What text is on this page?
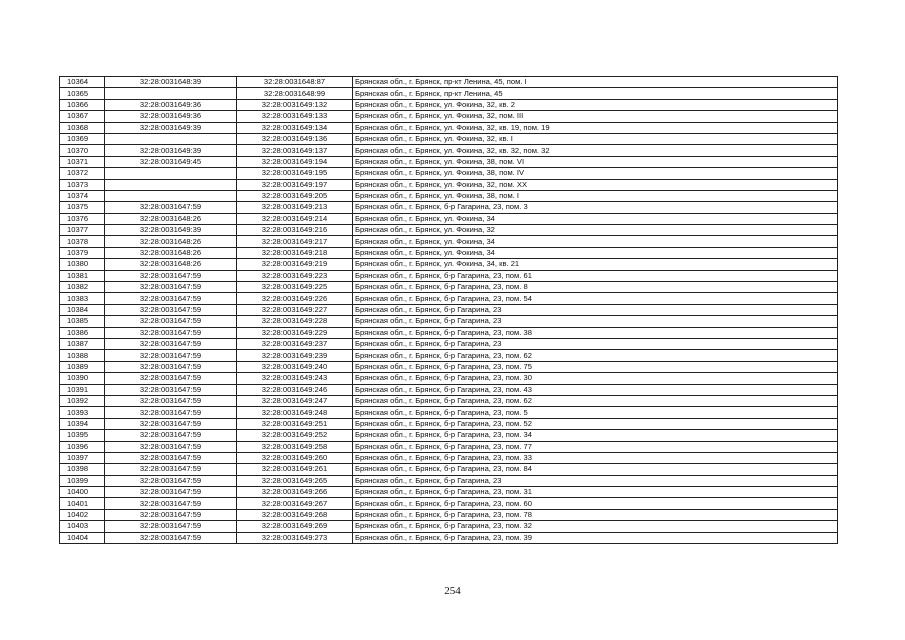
10364	32:28:0031648:39	32:28:0031648:87	Брянская обл., г. Брянск, пр-кт Ленина, 45, пом. I
10365		32:28:0031648:99	Брянская обл., г. Брянск, пр-кт Ленина, 45
10366	32:28:0031649:36	32:28:0031649:132	Брянская обл., г. Брянск, ул. Фокина, 32, кв. 2
10367	32:28:0031649:36	32:28:0031649:133	Брянская обл., г. Брянск, ул. Фокина, 32, пом. III
10368	32:28:0031649:39	32:28:0031649:134	Брянская обл., г. Брянск, ул. Фокина, 32, кв. 19, пом. 19
10369		32:28:0031649:136	Брянская обл., г. Брянск, ул. Фокина, 32, кв. I
10370	32:28:0031649:39	32:28:0031649:137	Брянская обл., г. Брянск, ул. Фокина, 32, кв. 32, пом. 32
10371	32:28:0031649:45	32:28:0031649:194	Брянская обл., г. Брянск, ул. Фокина, 38, пом. VI
10372		32:28:0031649:195	Брянская обл., г. Брянск, ул. Фокина, 38, пом. IV
10373		32:28:0031649:197	Брянская обл., г. Брянск, ул. Фокина, 32, пом. XX
10374		32:28:0031649:205	Брянская обл., г. Брянск, ул. Фокина, 38, пом. I
10375	32:28:0031647:59	32:28:0031649:213	Брянская обл., г. Брянск, б-р Гагарина, 23, пом. 3
10376	32:28:0031648:26	32:28:0031649:214	Брянская обл., г. Брянск, ул. Фокина, 34
10377	32:28:0031649:39	32:28:0031649:216	Брянская обл., г. Брянск, ул. Фокина, 32
10378	32:28:0031648:26	32:28:0031649:217	Брянская обл., г. Брянск, ул. Фокина, 34
10379	32:28:0031648:26	32:28:0031649:218	Брянская обл., г. Брянск, ул. Фокина, 34
10380	32:28:0031648:26	32:28:0031649:219	Брянская обл., г. Брянск, ул. Фокина, 34, кв. 21
10381	32:28:0031647:59	32:28:0031649:223	Брянская обл., г. Брянск, б-р Гагарина, 23, пом. 61
10382	32:28:0031647:59	32:28:0031649:225	Брянская обл., г. Брянск, б-р Гагарина, 23, пом. 8
10383	32:28:0031647:59	32:28:0031649:226	Брянская обл., г. Брянск, б-р Гагарина, 23, пом. 54
10384	32:28:0031647:59	32:28:0031649:227	Брянская обл., г. Брянск, б-р Гагарина, 23
10385	32:28:0031647:59	32:28:0031649:228	Брянская обл., г. Брянск, б-р Гагарина, 23
10386	32:28:0031647:59	32:28:0031649:229	Брянская обл., г. Брянск, б-р Гагарина, 23, пом. 38
10387	32:28:0031647:59	32:28:0031649:237	Брянская обл., г. Брянск, б-р Гагарина, 23
10388	32:28:0031647:59	32:28:0031649:239	Брянская обл., г. Брянск, б-р Гагарина, 23, пом. 62
10389	32:28:0031647:59	32:28:0031649:240	Брянская обл., г. Брянск, б-р Гагарина, 23, пом. 75
10390	32:28:0031647:59	32:28:0031649:243	Брянская обл., г. Брянск, б-р Гагарина, 23, пом. 30
10391	32:28:0031647:59	32:28:0031649:246	Брянская обл., г. Брянск, б-р Гагарина, 23, пом. 43
10392	32:28:0031647:59	32:28:0031649:247	Брянская обл., г. Брянск, б-р Гагарина, 23, пом. 62
10393	32:28:0031647:59	32:28:0031649:248	Брянская обл., г. Брянск, б-р Гагарина, 23, пом. 5
10394	32:28:0031647:59	32:28:0031649:251	Брянская обл., г. Брянск, б-р Гагарина, 23, пом. 52
10395	32:28:0031647:59	32:28:0031649:252	Брянская обл., г. Брянск, б-р Гагарина, 23, пом. 34
10396	32:28:0031647:59	32:28:0031649:258	Брянская обл., г. Брянск, б-р Гагарина, 23, пом. 77
10397	32:28:0031647:59	32:28:0031649:260	Брянская обл., г. Брянск, б-р Гагарина, 23, пом. 33
10398	32:28:0031647:59	32:28:0031649:261	Брянская обл., г. Брянск, б-р Гагарина, 23, пом. 84
10399	32:28:0031647:59	32:28:0031649:265	Брянская обл., г. Брянск, б-р Гагарина, 23
10400	32:28:0031647:59	32:28:0031649:266	Брянская обл., г. Брянск, б-р Гагарина, 23, пом. 31
10401	32:28:0031647:59	32:28:0031649:267	Брянская обл., г. Брянск, б-р Гагарина, 23, пом. 60
10402	32:28:0031647:59	32:28:0031649:268	Брянская обл., г. Брянск, б-р Гагарина, 23, пом. 78
10403	32:28:0031647:59	32:28:0031649:269	Брянская обл., г. Брянск, б-р Гагарина, 23, пом. 32
10404	32:28:0031647:59	32:28:0031649:273	Брянская обл., г. Брянск, б-р Гагарина, 23, пом. 39
254
